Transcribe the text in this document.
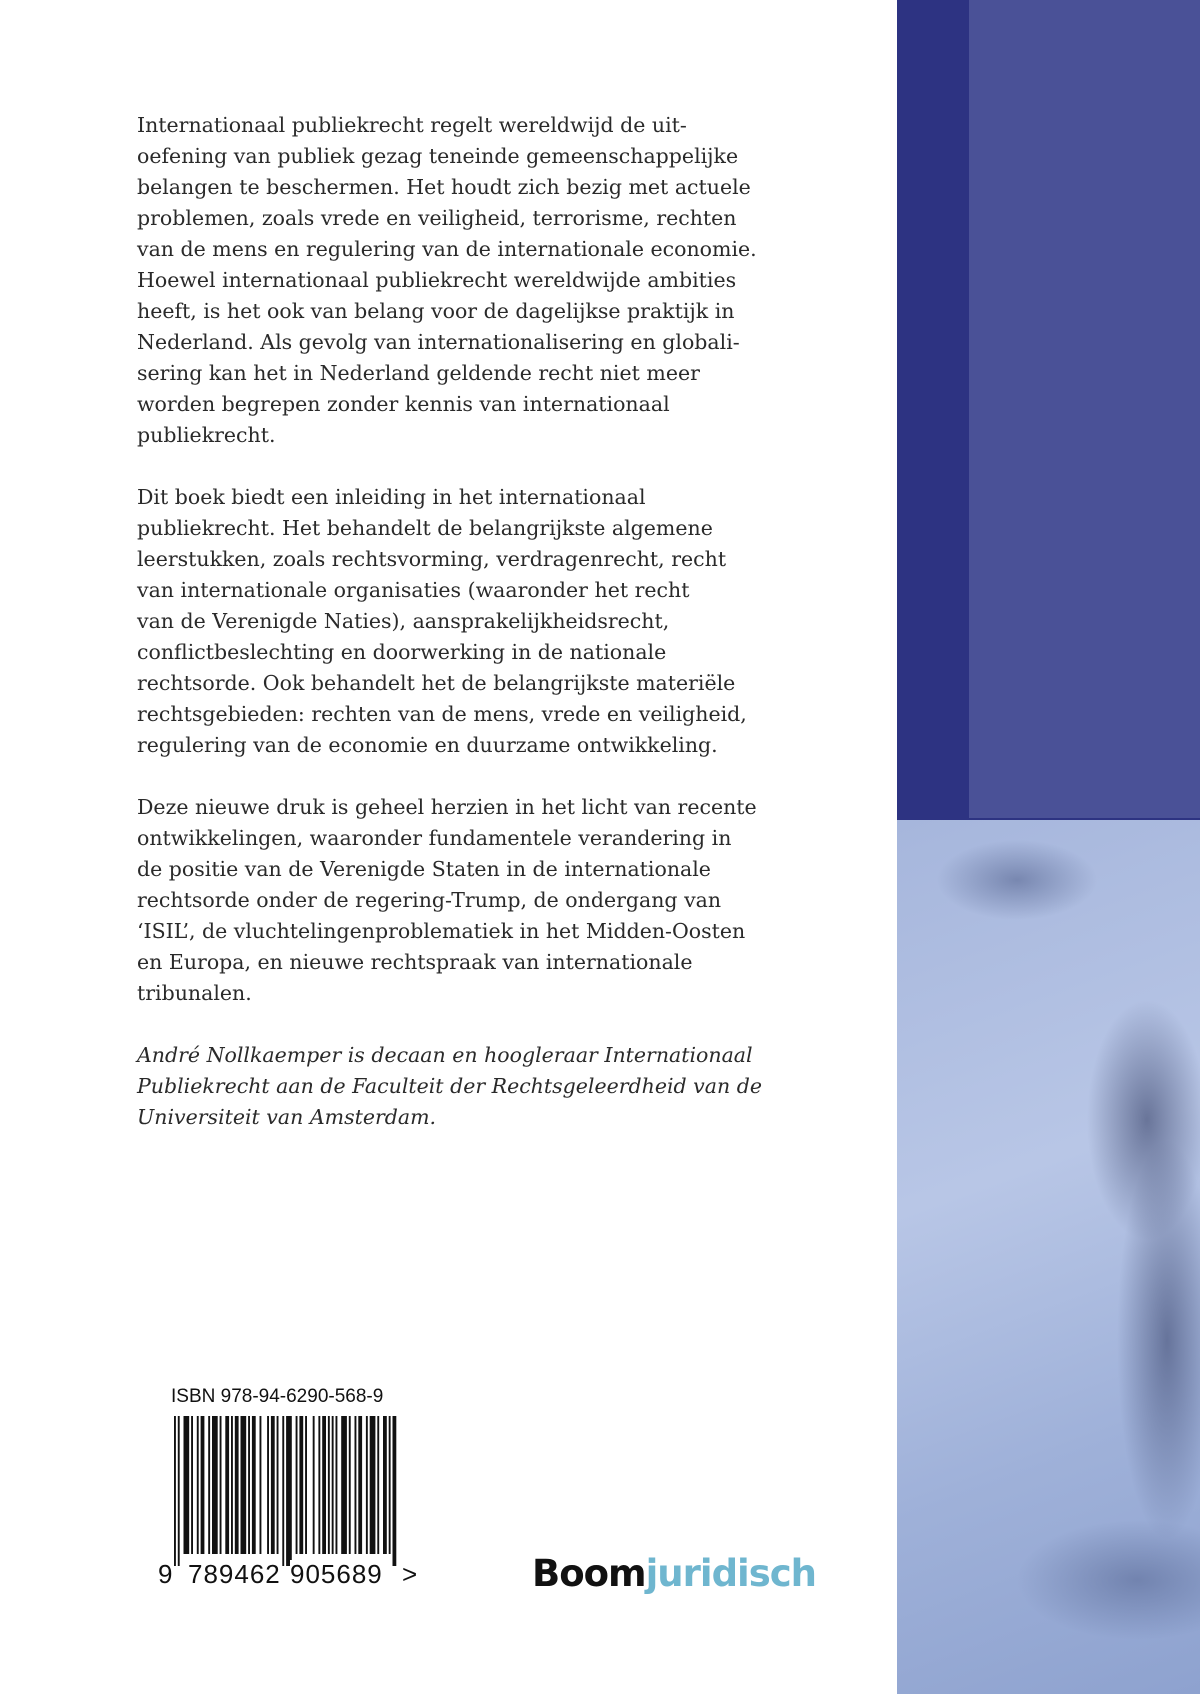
Internationaal publiekrecht regelt wereldwijd de uit-
oefening van publiek gezag teneinde gemeenschappelijke
belangen te beschermen. Het houdt zich bezig met actuele
problemen, zoals vrede en veiligheid, terrorisme, rechten
van de mens en regulering van de internationale economie.
Hoewel internationaal publiekrecht wereldwijde ambities
heeft, is het ook van belang voor de dagelijkse praktijk in
Nederland. Als gevolg van internationalisering en globali-
sering kan het in Nederland geldende recht niet meer
worden begrepen zonder kennis van internationaal
publiekrecht.

Dit boek biedt een inleiding in het internationaal
publiekrecht. Het behandelt de belangrijkste algemene
leerstukken, zoals rechtsvorming, verdragenrecht, recht
van internationale organisaties (waaronder het recht
van de Verenigde Naties), aansprakelijkheidsrecht,
conflictbeslechting en doorwerking in de nationale
rechtsorde. Ook behandelt het de belangrijkste materiële
rechtsgebieden: rechten van de mens, vrede en veiligheid,
regulering van de economie en duurzame ontwikkeling.

Deze nieuwe druk is geheel herzien in het licht van recente
ontwikkelingen, waaronder fundamentele verandering in
de positie van de Verenigde Staten in de internationale
rechtsorde onder de regering-Trump, de ondergang van
‘ISIL’, de vluchtelingenproblematiek in het Midden-Oosten
en Europa, en nieuwe rechtspraak van internationale
tribunalen.

André Nollkaemper is decaan en hoogleraar Internationaal
Publiekrecht aan de Faculteit der Rechtsgeleerdheid van de
Universiteit van Amsterdam.

ISBN 978-94-6290-568-9
9 789462 905689 >	Boomjuridisch
